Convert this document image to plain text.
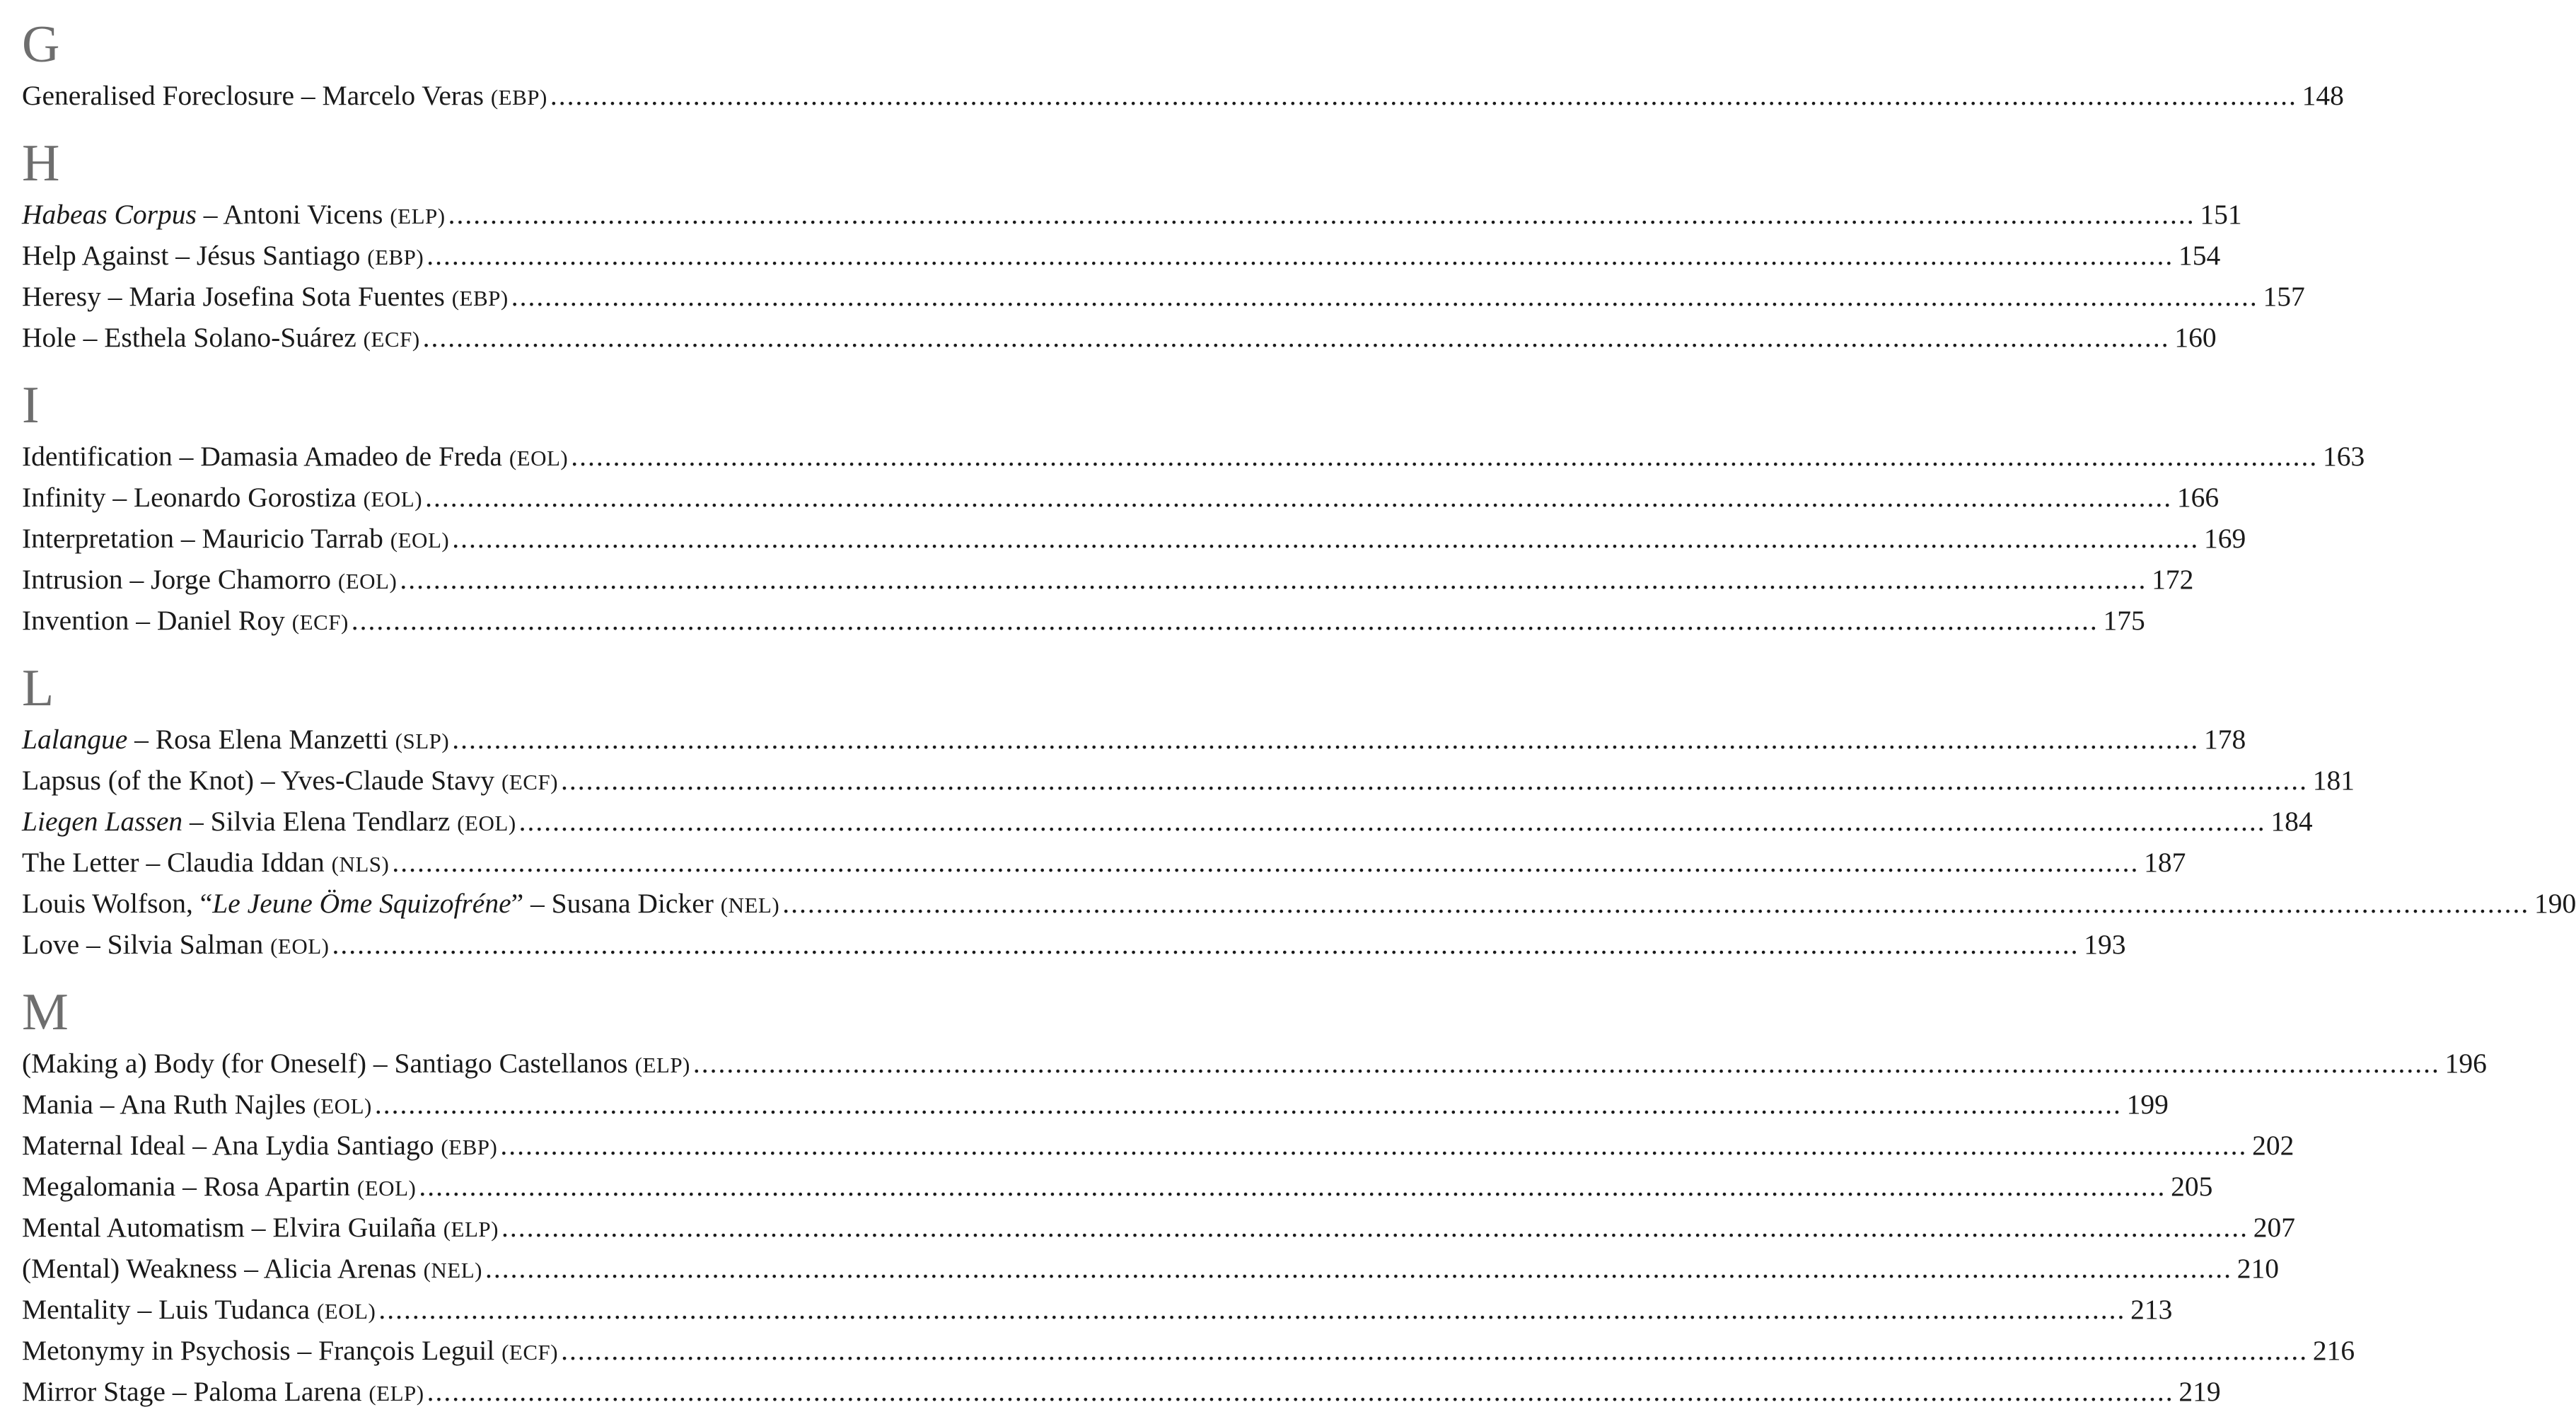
G
Generalised Foreclosure – Marcelo Veras (EBP) ................................................................................................................................................................................................................ 148
H
Habeas Corpus – Antoni Vicens (ELP) ................................................................................................................................................................................................................ 151
Help Against – Jésus Santiago (EBP) ................................................................................................................................................................................................................ 154
Heresy – Maria Josefina Sota Fuentes (EBP) ................................................................................................................................................................................................................ 157
Hole – Esthela Solano-Suárez (ECF) ................................................................................................................................................................................................................ 160
I
Identification – Damasia Amadeo de Freda (EOL) ................................................................................................................................................................................................................ 163
Infinity – Leonardo Gorostiza (EOL) ................................................................................................................................................................................................................ 166
Interpretation – Mauricio Tarrab (EOL) ................................................................................................................................................................................................................ 169
Intrusion – Jorge Chamorro (EOL) ................................................................................................................................................................................................................ 172
Invention – Daniel Roy (ECF) ................................................................................................................................................................................................................ 175
L
Lalangue – Rosa Elena Manzetti (SLP) ................................................................................................................................................................................................................ 178
Lapsus (of the Knot) – Yves-Claude Stavy (ECF) ................................................................................................................................................................................................................ 181
Liegen Lassen – Silvia Elena Tendlarz (EOL) ................................................................................................................................................................................................................ 184
The Letter – Claudia Iddan (NLS) ................................................................................................................................................................................................................ 187
Louis Wolfson, “Le Jeune Öme Squizofréne” – Susana Dicker (NEL) ................................................................................................................................................................................................................ 190
Love – Silvia Salman (EOL) ................................................................................................................................................................................................................ 193
M
(Making a) Body (for Oneself) – Santiago Castellanos (ELP) ................................................................................................................................................................................................................ 196
Mania – Ana Ruth Najles (EOL) ................................................................................................................................................................................................................ 199
Maternal Ideal – Ana Lydia Santiago (EBP) ................................................................................................................................................................................................................ 202
Megalomania – Rosa Apartin (EOL) ................................................................................................................................................................................................................ 205
Mental Automatism – Elvira Guilaña (ELP) ................................................................................................................................................................................................................ 207
(Mental) Weakness – Alicia Arenas (NEL) ................................................................................................................................................................................................................ 210
Mentality – Luis Tudanca (EOL) ................................................................................................................................................................................................................ 213
Metonymy in Psychosis – François Leguil (ECF) ................................................................................................................................................................................................................ 216
Mirror Stage – Paloma Larena (ELP) ................................................................................................................................................................................................................ 219
